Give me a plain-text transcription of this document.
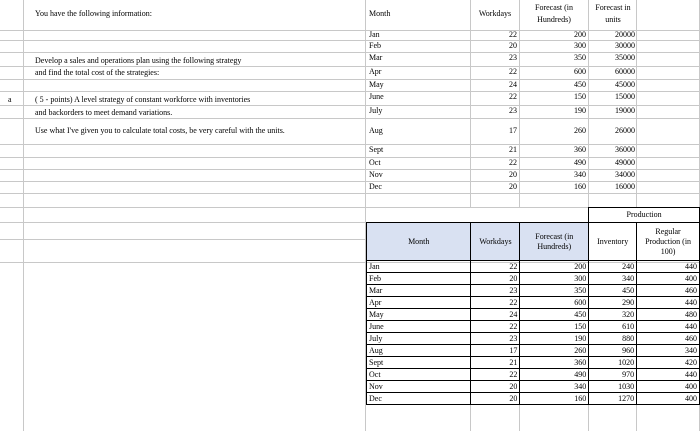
You have the following information:
Develop a sales and operations plan using the following strategy
and find the total cost of the strategies:
a	( 5 - points) A level strategy of constant workforce with inventories
and backorders to meet demand variations.
Use what I've given you to calculate total costs, be very careful with the units.
Month	Workdays
Forecast (in
Hundreds)
Forecast in
units
Jan	22	200	20000
Feb	20	300	30000
Mar	23	350	35000
Apr	22	600	60000
May	24	450	45000
June	22	150	15000
July	23	190	19000
Aug	17	260	26000
Sept	21	360	36000
Oct	22	490	49000
Nov	20	340	34000
Dec	20	160	16000
			Production	
Month	Workdays	Forecast (in Hundreds)	Inventory	Regular Production (in 100)
Jan	22	200	240	440
Feb	20	300	340	400
Mar	23	350	450	460
Apr	22	600	290	440
May	24	450	320	480
June	22	150	610	440
July	23	190	880	460
Aug	17	260	960	340
Sept	21	360	1020	420
Oct	22	490	970	440
Nov	20	340	1030	400
Dec	20	160	1270	400
